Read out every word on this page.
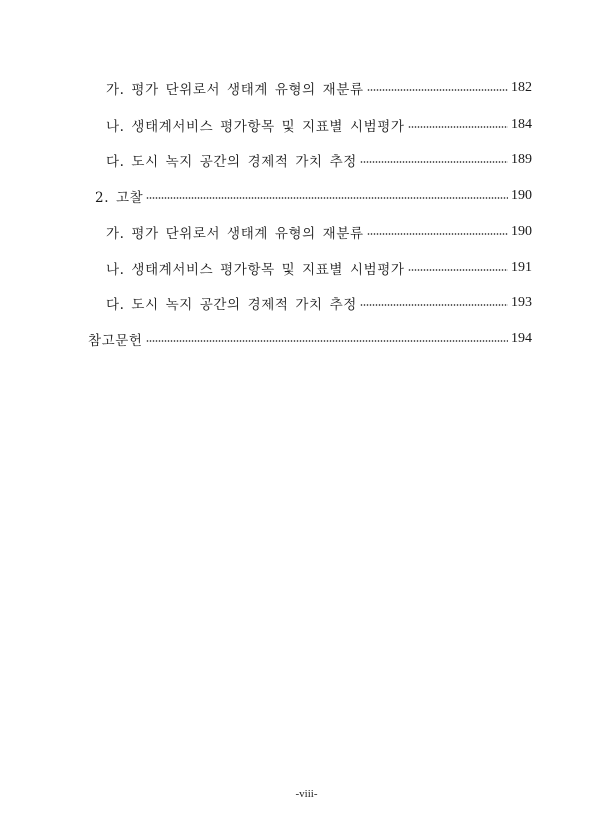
가. 평가 단위로서 생태계 유형의 재분류	182
나. 생태계서비스 평가항목 및 지표별 시범평가	184
다. 도시 녹지 공간의 경제적 가치 추정	189
2. 고찰	190
가. 평가 단위로서 생태계 유형의 재분류	190
나. 생태계서비스 평가항목 및 지표별 시범평가	191
다. 도시 녹지 공간의 경제적 가치 추정	193
참고문헌	194
-viii-
